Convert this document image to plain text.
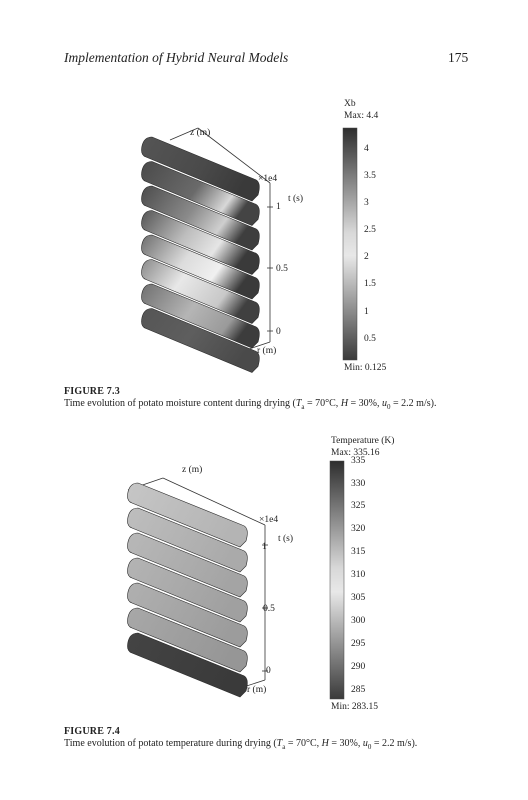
Implementation of Hybrid Neural Models	175
z (m)
×1e4
t (s)
1
0.5
0
r (m)
Xb
Max: 4.4
Min: 0.125
4
3.5
3
2.5
2
1.5
1
0.5
FIGURE 7.3
Time evolution of potato moisture content during drying ($T_a = 70^\circ C$, H = 30%, $u_0 = 2.2$ m/s).
z (m)
×1e4
t (s)
1
0.5
0
r (m)
Temperature (K)
Max: 335.16
Min: 283.15
335
330
325
320
315
310
305
300
295
290
285
FIGURE 7.4
Time evolution of potato temperature during drying ($T_a = 70^\circ C$, H = 30%, $u_0 = 2.2$ m/s).
